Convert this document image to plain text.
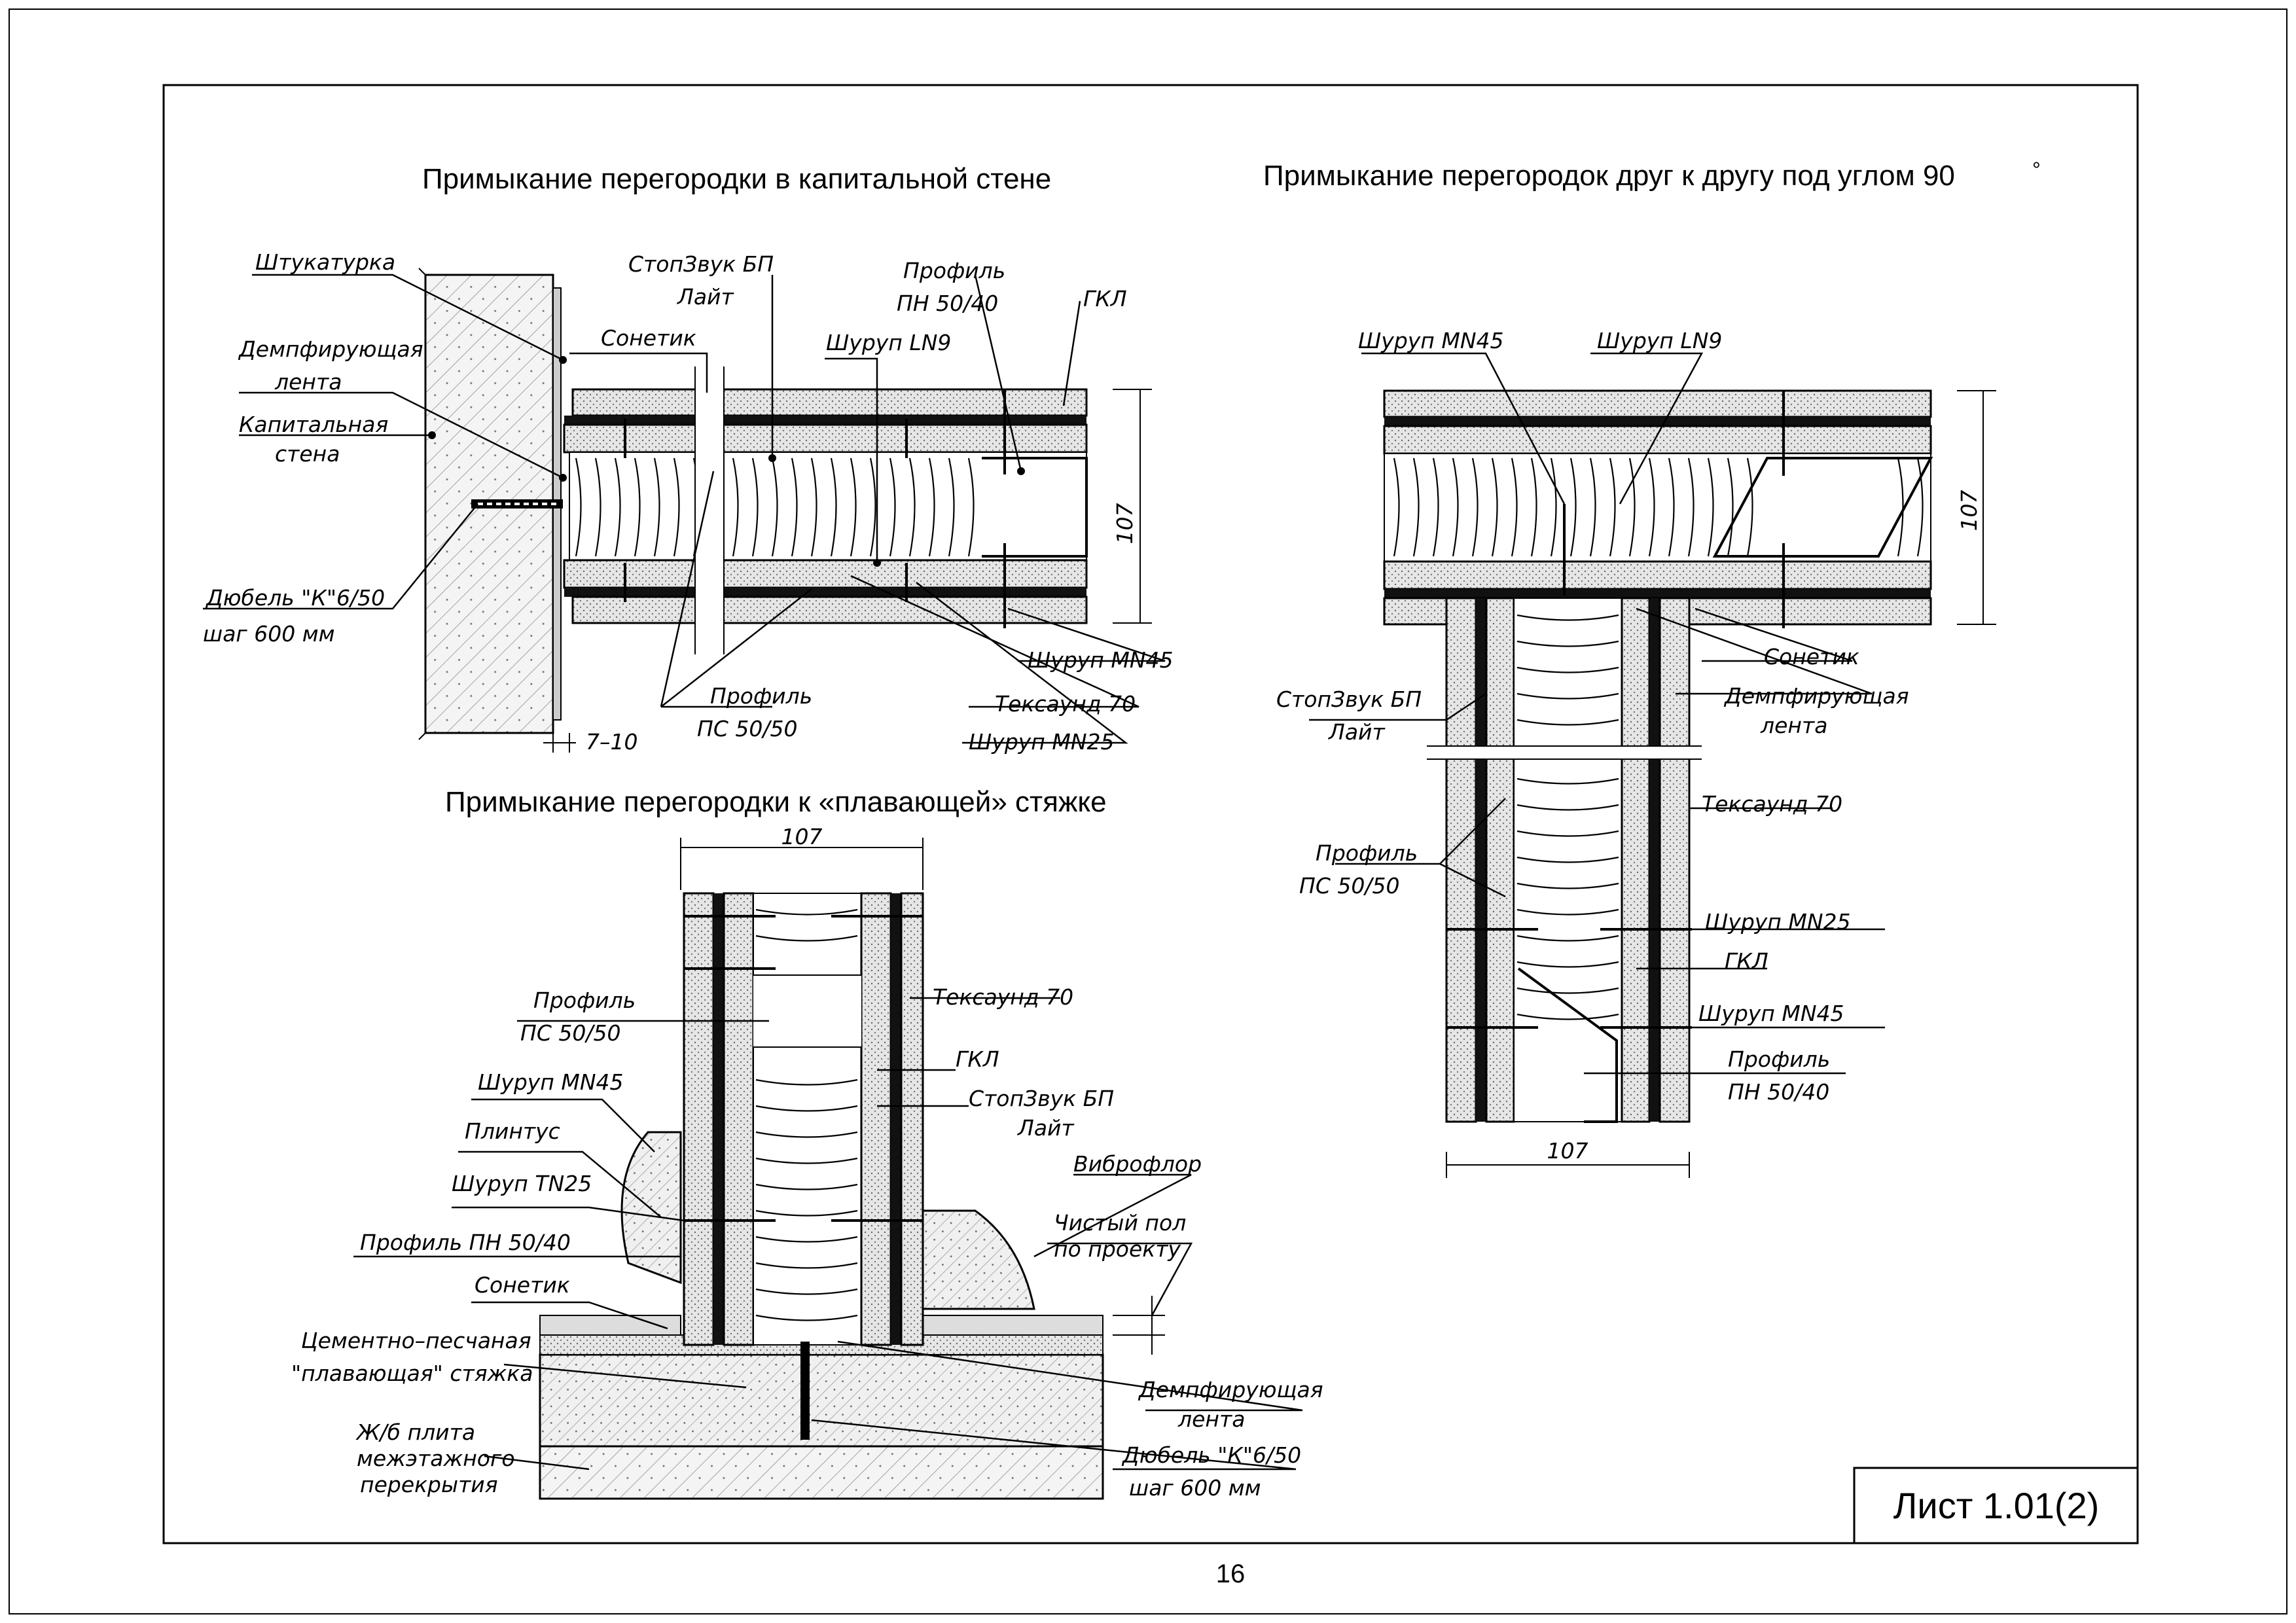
Лист 1.01(2)
16
Примыкание перегородки в капитальной стене
107
7–10
Штукатурка
Демпфирующая
лента
Капитальная
стена
Дюбель "К"6/50
шаг 600 мм
СтопЗвук БП
Лайт
Сонетик	Шуруп LN9
Профиль
ПН 50/40	ГКЛ
Шуруп MN45
Тексаунд 70
Шуруп MN25
Профиль
ПС 50/50
Примыкание перегородки к «плавающей» стяжке
107
Профиль
ПС 50/50
Шуруп MN45
Плинтус
Шуруп TN25
Профиль ПН 50/40
Сонетик
Цементно–песчаная
"плавающая" стяжка
Ж/б плита
межэтажного
перекрытия
Тексаунд 70
ГКЛ
СтопЗвук БП
Лайт
Виброфлор
Чистый пол
по проекту
Демпфирующая
лента
Дюбель "К"6/50
шаг 600 мм
Примыкание перегородок друг к другу под углом 90	°
107
107
Шуруп MN45	Шуруп LN9
Сонетик
СтопЗвук БП
Лайт
Демпфирующая
лента
Тексаунд 70
Профиль
ПС 50/50
Шуруп MN25
ГКЛ
Шуруп MN45
Профиль
ПН 50/40
